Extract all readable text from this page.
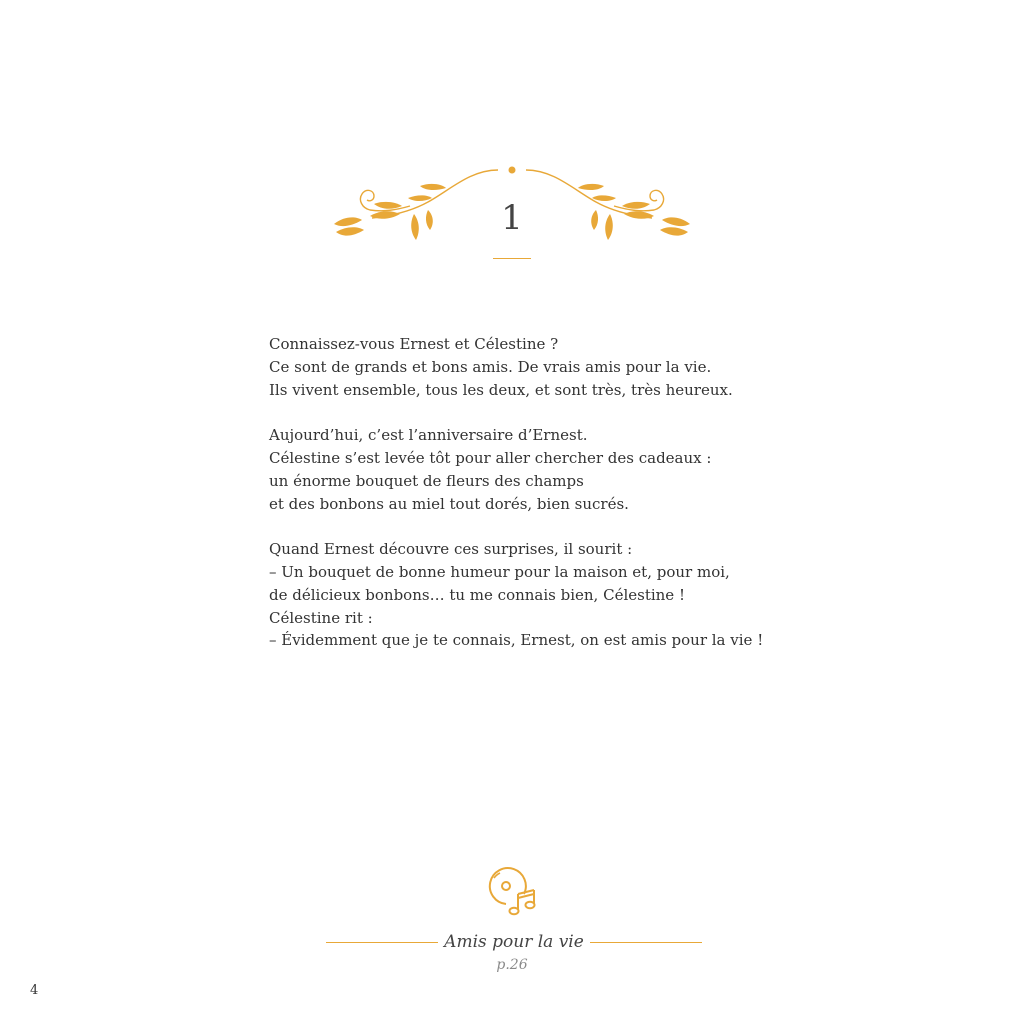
1

Connaissez-vous Ernest et Célestine ?
Ce sont de grands et bons amis. De vrais amis pour la vie.
Ils vivent ensemble, tous les deux, et sont très, très heureux.

Aujourd’hui, c’est l’anniversaire d’Ernest.
Célestine s’est levée tôt pour aller chercher des cadeaux :
un énorme bouquet de fleurs des champs
et des bonbons au miel tout dorés, bien sucrés.

Quand Ernest découvre ces surprises, il sourit :
– Un bouquet de bonne humeur pour la maison et, pour moi,
de délicieux bonbons… tu me connais bien, Célestine !
Célestine rit :
– Évidemment que je te connais, Ernest, on est amis pour la vie !

Amis pour la vie
p.26
4
